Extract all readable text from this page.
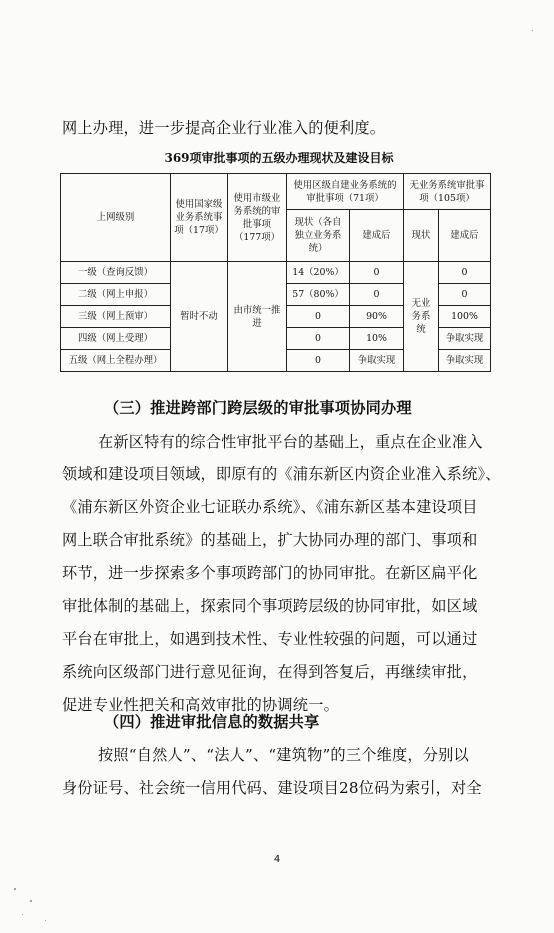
网上办理，进一步提高企业行业准入的便利度。
369项审批事项的五级办理现状及建设目标
上网级别	使用国家级业务系统事项（17项）	使用市级业务系统的审批事项（177项）	使用区级自建业务系统的审批事项（71项）		无业务系统审批事项（105项）	
			现状（各自独立业务系统）	建成后	现状	建成后
一级（查询反馈）	暂时不动	由市统一推进	14（20%）	0	无业务系统	0
二级（网上申报）			57（80%）	0		0
三级（网上预审）			0	90%		100%
四级（网上受理）			0	10%		争取实现
五级（网上全程办理）			0	争取实现		争取实现
（三）推进跨部门跨层级的审批事项协同办理
在新区特有的综合性审批平台的基础上，重点在企业准入
领域和建设项目领域，即原有的《浦东新区内资企业准入系统》、
《浦东新区外资企业七证联办系统》、《浦东新区基本建设项目
网上联合审批系统》的基础上，扩大协同办理的部门、事项和
环节，进一步探索多个事项跨部门的协同审批。在新区扁平化
审批体制的基础上，探索同个事项跨层级的协同审批，如区域
平台在审批上，如遇到技术性、专业性较强的问题，可以通过
系统向区级部门进行意见征询，在得到答复后，再继续审批，
促进专业性把关和高效审批的协调统一。
（四）推进审批信息的数据共享
按照“自然人”、“法人”、“建筑物”的三个维度，分别以
身份证号、社会统一信用代码、建设项目28位码为索引，对全
4
